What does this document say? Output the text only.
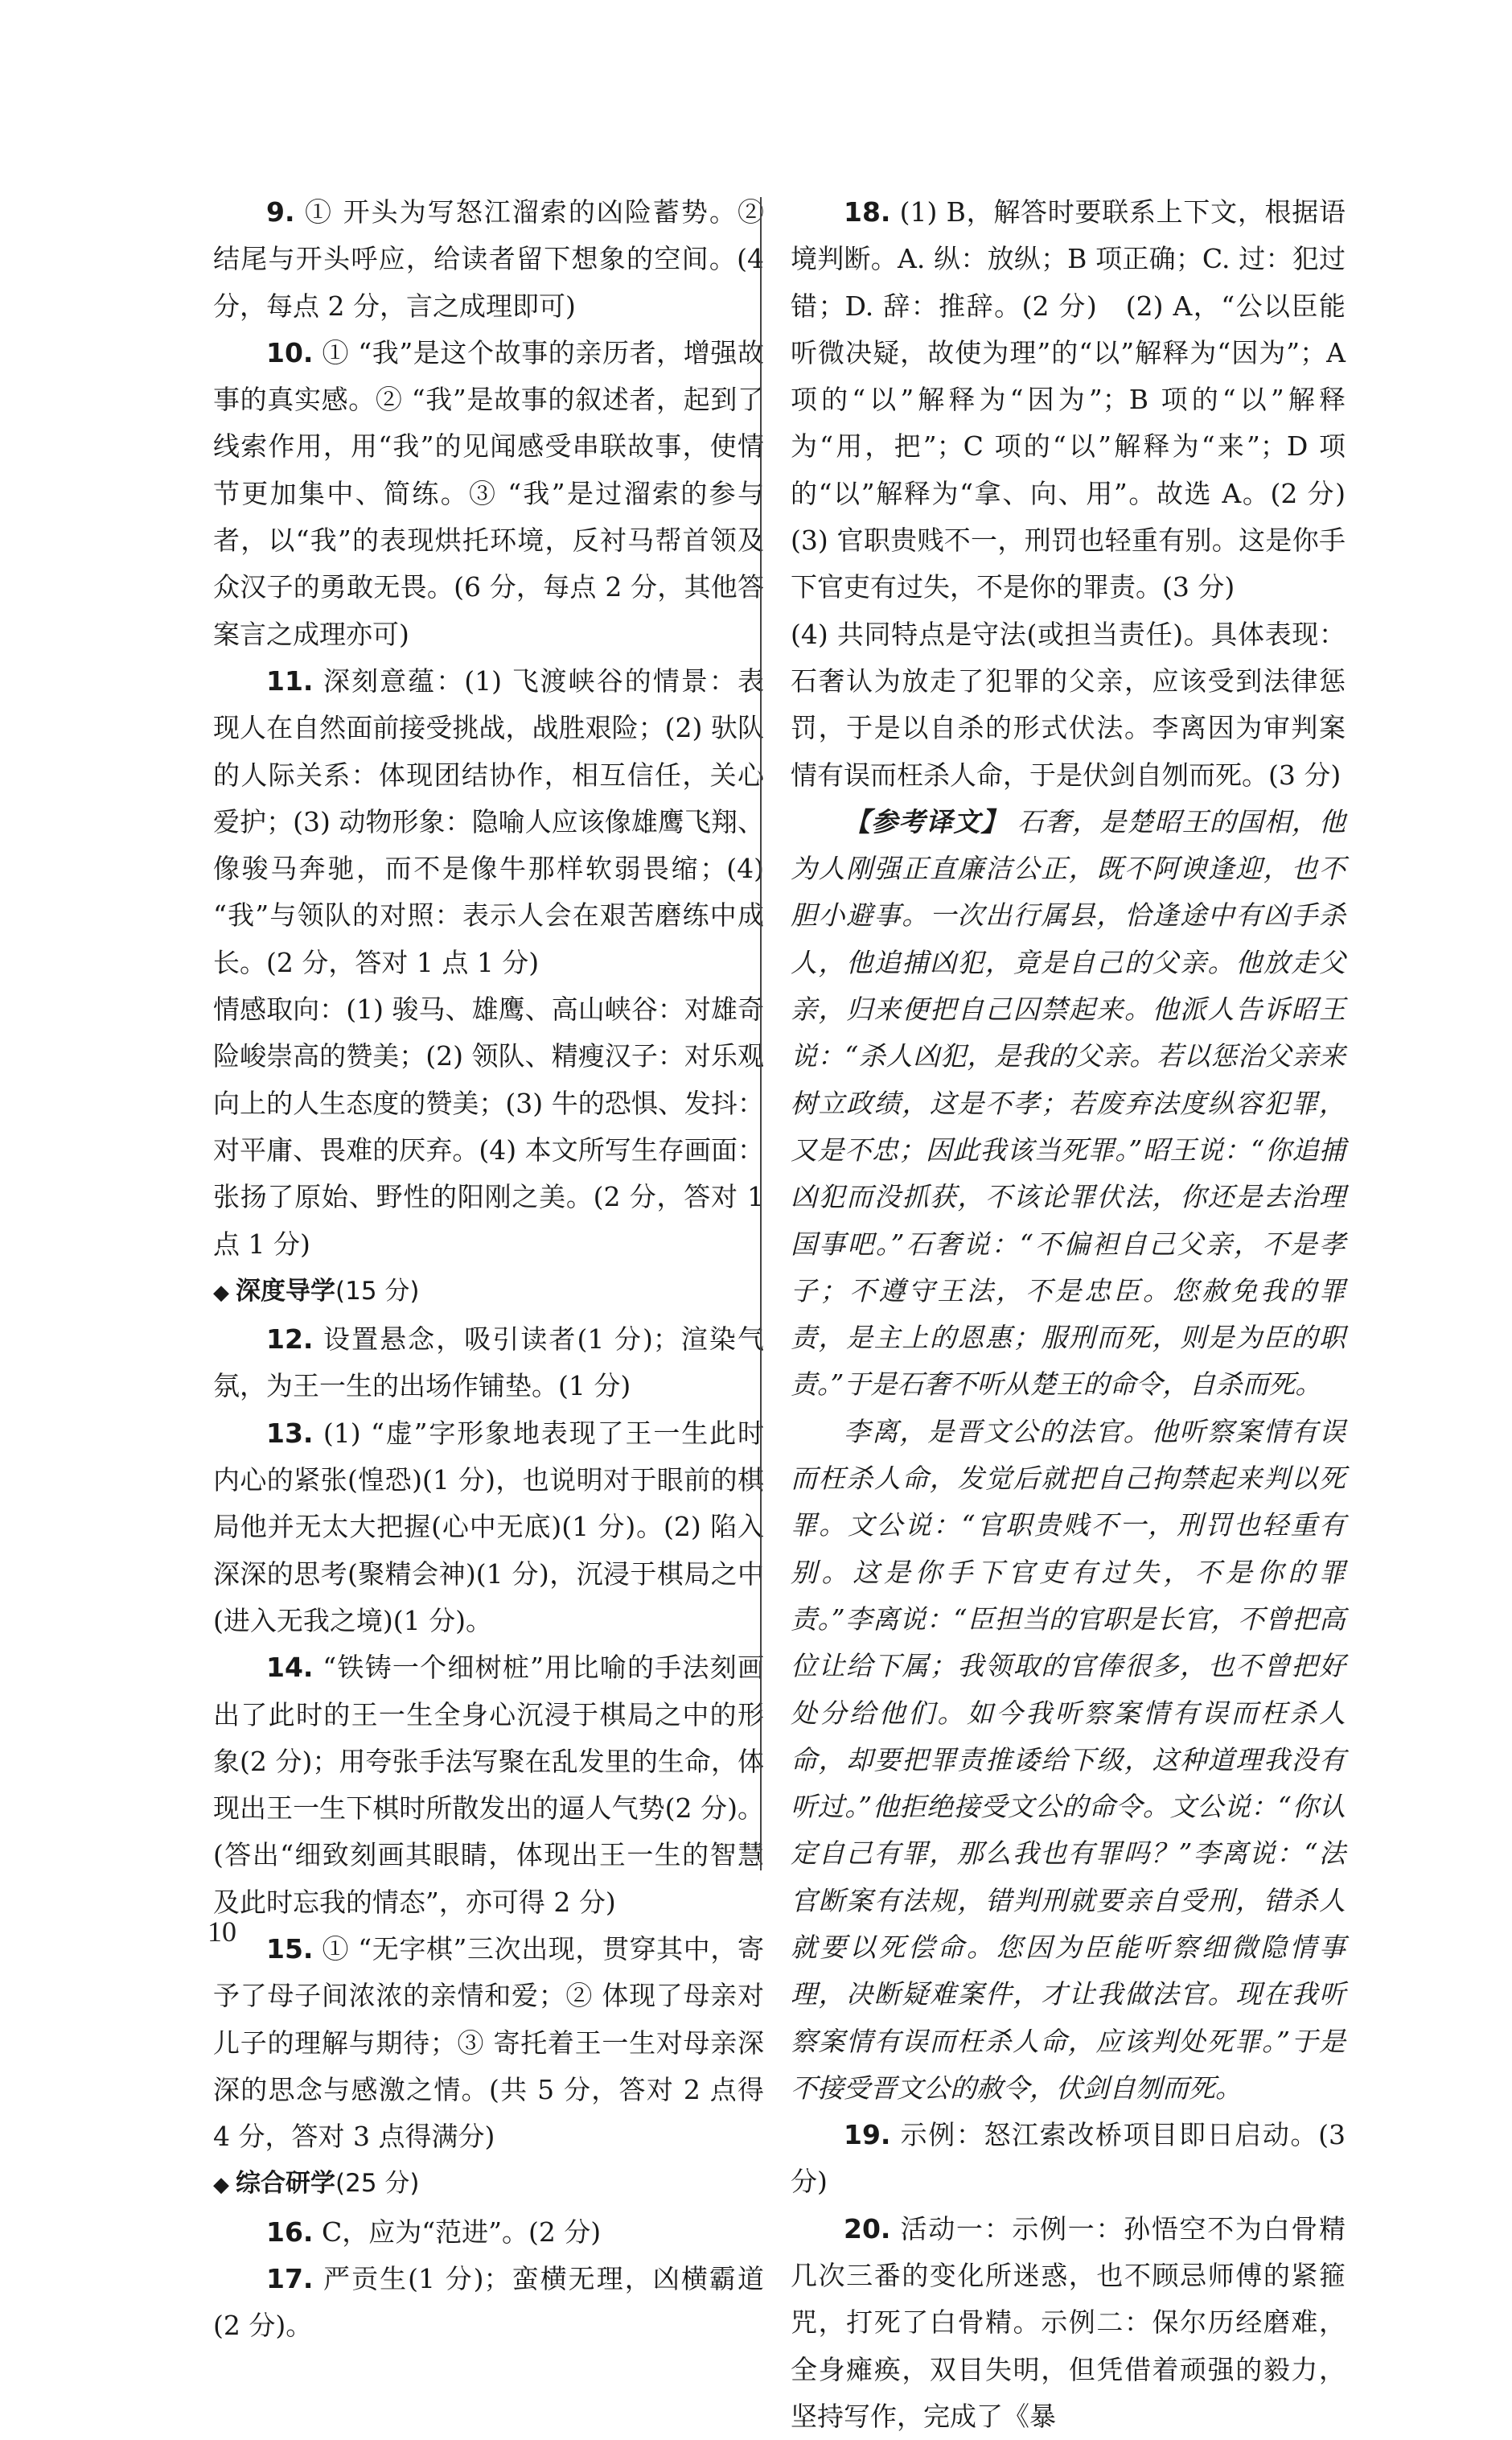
9. ① 开头为写怒江溜索的凶险蓄势。② 结尾与开头呼应，给读者留下想象的空间。(4 分，每点 2 分，言之成理即可)

10. ① “我”是这个故事的亲历者，增强故事的真实感。② “我”是故事的叙述者，起到了线索作用，用“我”的见闻感受串联故事，使情节更加集中、简练。③ “我”是过溜索的参与者，以“我”的表现烘托环境，反衬马帮首领及众汉子的勇敢无畏。(6 分，每点 2 分，其他答案言之成理亦可)

11. 深刻意蕴：(1) 飞渡峡谷的情景：表现人在自然面前接受挑战，战胜艰险；(2) 驮队的人际关系：体现团结协作，相互信任，关心爱护；(3) 动物形象：隐喻人应该像雄鹰飞翔、像骏马奔驰，而不是像牛那样软弱畏缩；(4) “我”与领队的对照：表示人会在艰苦磨练中成长。(2 分，答对 1 点 1 分)

情感取向：(1) 骏马、雄鹰、高山峡谷：对雄奇险峻崇高的赞美；(2) 领队、精瘦汉子：对乐观向上的人生态度的赞美；(3) 牛的恐惧、发抖：对平庸、畏难的厌弃。(4) 本文所写生存画面：张扬了原始、野性的阳刚之美。(2 分，答对 1 点 1 分)

◆ 深度导学(15 分)

12. 设置悬念，吸引读者(1 分)；渲染气氛，为王一生的出场作铺垫。(1 分)

13. (1) “虚”字形象地表现了王一生此时内心的紧张(惶恐)(1 分)，也说明对于眼前的棋局他并无太大把握(心中无底)(1 分)。(2) 陷入深深的思考(聚精会神)(1 分)，沉浸于棋局之中(进入无我之境)(1 分)。

14. “铁铸一个细树桩”用比喻的手法刻画出了此时的王一生全身心沉浸于棋局之中的形象(2 分)；用夸张手法写聚在乱发里的生命，体现出王一生下棋时所散发出的逼人气势(2 分)。(答出“细致刻画其眼睛，体现出王一生的智慧及此时忘我的情态”，亦可得 2 分)

15. ① “无字棋”三次出现，贯穿其中，寄予了母子间浓浓的亲情和爱；② 体现了母亲对儿子的理解与期待；③ 寄托着王一生对母亲深深的思念与感激之情。(共 5 分，答对 2 点得 4 分，答对 3 点得满分)

◆ 综合研学(25 分)

16. C，应为“范进”。(2 分)

17. 严贡生(1 分)；蛮横无理，凶横霸道(2 分)。

18. (1) B，解答时要联系上下文，根据语境判断。A. 纵：放纵；B 项正确；C. 过：犯过错；D. 辞：推辞。(2 分)　(2) A，“公以臣能听微决疑，故使为理”的“以”解释为“因为”；A 项的“以”解释为“因为”；B 项的“以”解释为“用，把”；C 项的“以”解释为“来”；D 项的“以”解释为“拿、向、用”。故选 A。(2 分)　(3) 官职贵贱不一，刑罚也轻重有别。这是你手下官吏有过失，不是你的罪责。(3 分)

(4) 共同特点是守法(或担当责任)。具体表现：石奢认为放走了犯罪的父亲，应该受到法律惩罚，于是以自杀的形式伏法。李离因为审判案情有误而枉杀人命，于是伏剑自刎而死。(3 分)

【参考译文】 石奢，是楚昭王的国相，他为人刚强正直廉洁公正，既不阿谀逢迎，也不胆小避事。一次出行属县，恰逢途中有凶手杀人，他追捕凶犯，竟是自己的父亲。他放走父亲，归来便把自己囚禁起来。他派人告诉昭王说：“杀人凶犯，是我的父亲。若以惩治父亲来树立政绩，这是不孝；若废弃法度纵容犯罪，又是不忠；因此我该当死罪。”昭王说：“你追捕凶犯而没抓获，不该论罪伏法，你还是去治理国事吧。”石奢说：“不偏袒自己父亲，不是孝子；不遵守王法，不是忠臣。您赦免我的罪责，是主上的恩惠；服刑而死，则是为臣的职责。”于是石奢不听从楚王的命令，自杀而死。

李离，是晋文公的法官。他听察案情有误而枉杀人命，发觉后就把自己拘禁起来判以死罪。文公说：“官职贵贱不一，刑罚也轻重有别。这是你手下官吏有过失，不是你的罪责。”李离说：“臣担当的官职是长官，不曾把高位让给下属；我领取的官俸很多，也不曾把好处分给他们。如今我听察案情有误而枉杀人命，却要把罪责推诿给下级，这种道理我没有听过。”他拒绝接受文公的命令。文公说：“你认定自己有罪，那么我也有罪吗？”李离说：“法官断案有法规，错判刑就要亲自受刑，错杀人就要以死偿命。您因为臣能听察细微隐情事理，决断疑难案件，才让我做法官。现在我听察案情有误而枉杀人命，应该判处死罪。”于是不接受晋文公的赦令，伏剑自刎而死。

19. 示例：怒江索改桥项目即日启动。(3 分)

20. 活动一：示例一：孙悟空不为白骨精几次三番的变化所迷惑，也不顾忌师傅的紧箍咒，打死了白骨精。示例二：保尔历经磨难，全身瘫痪，双目失明，但凭借着顽强的毅力，坚持写作，完成了《暴

10
